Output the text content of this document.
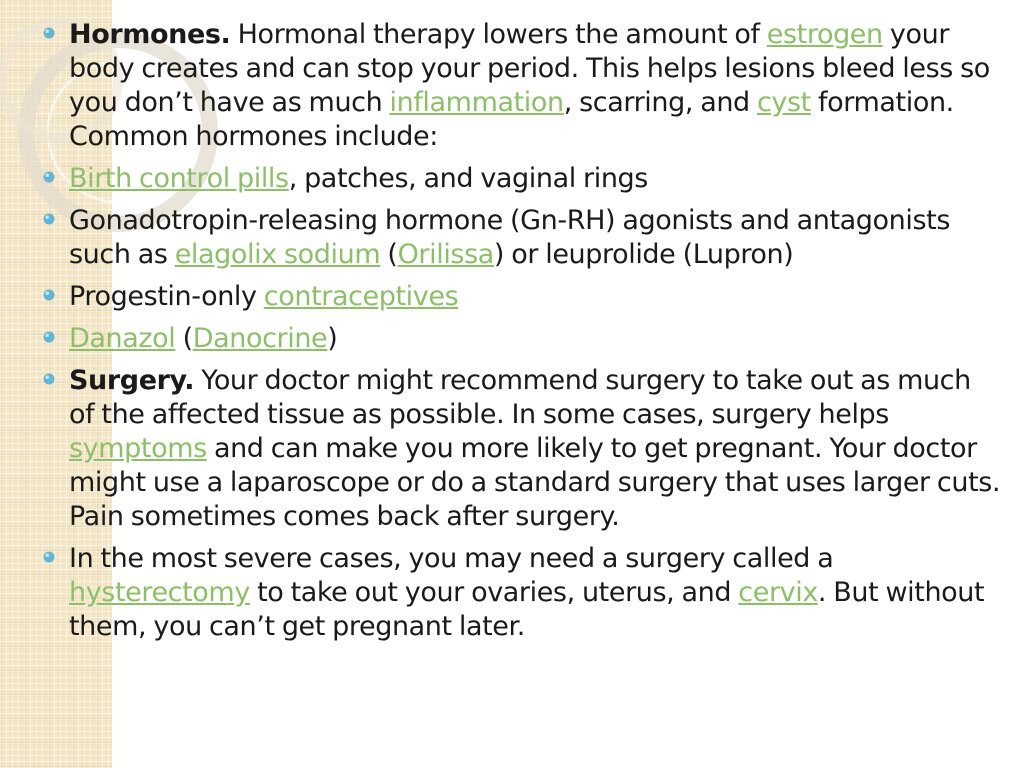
Hormones. Hormonal therapy lowers the amount of estrogen your body creates and can stop your period. This helps lesions bleed less so you don’t have as much inflammation, scarring, and cyst formation. Common hormones include:
Birth control pills, patches, and vaginal rings
Gonadotropin-releasing hormone (Gn-RH) agonists and antagonists such as elagolix sodium (Orilissa) or leuprolide (Lupron)
Progestin-only contraceptives
Danazol (Danocrine)
Surgery. Your doctor might recommend surgery to take out as much of the affected tissue as possible. In some cases, surgery helps symptoms and can make you more likely to get pregnant. Your doctor might use a laparoscope or do a standard surgery that uses larger cuts. Pain sometimes comes back after surgery.
In the most severe cases, you may need a surgery called a hysterectomy to take out your ovaries, uterus, and cervix. But without them, you can’t get pregnant later.
